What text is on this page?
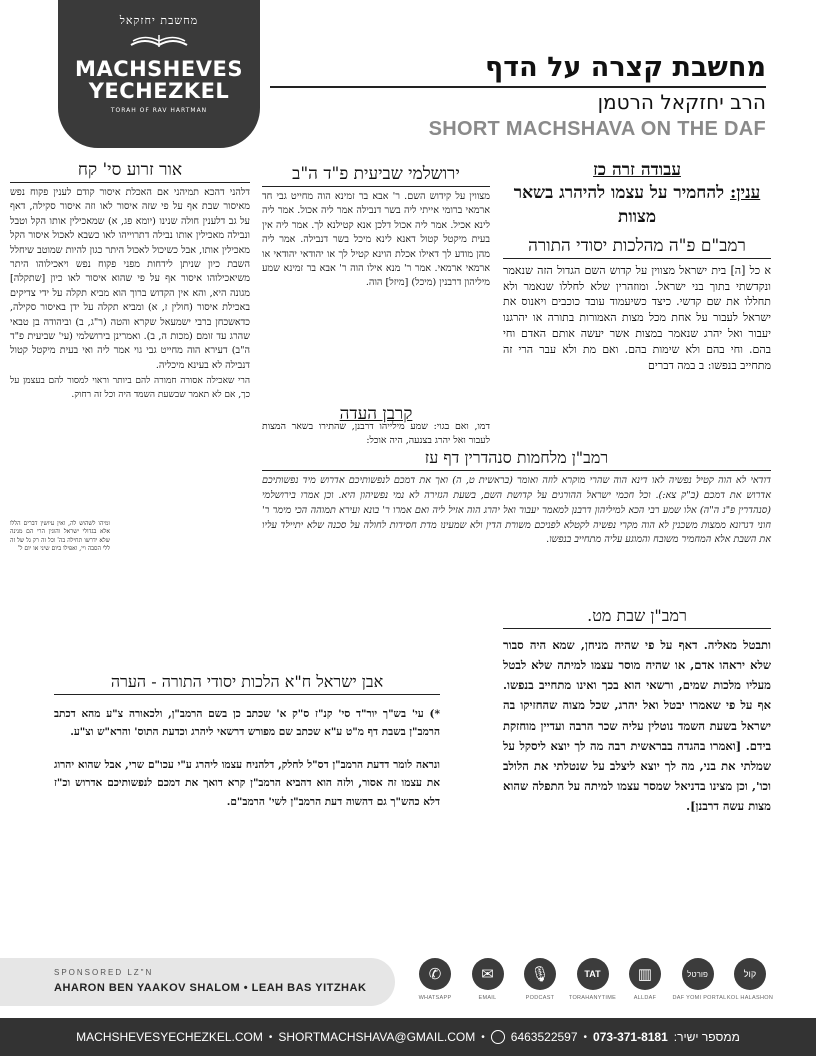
מחשבת יחזקאל
MACHSHEVES
YECHEZKEL
TORAH OF RAV HARTMAN
מחשבת קצרה על הדף
הרב יחזקאל הרטמן
SHORT MACHSHAVA ON THE DAF
עבודה זרה כז
ענין: להחמיר על עצמו להיהרג בשאר מצוות
רמב"ם פ"ה מהלכות יסודי התורה
א כל [ה] בית ישראל מצווין על קדוש השם הגדול הזה שנאמר ונקדשתי בתוך בני ישראל. ומוזהרין שלא לחללו שנאמר ולא תחללו את שם קדשי. כיצד כשיעמוד עובד כוכבים ויאנוס את ישראל לעבור על אחת מכל מצות האמורות בתורה או יהרגנו יעבור ואל יהרג שנאמר במצות אשר יעשה אותם האדם וחי בהם. וחי בהם ולא שימות בהם. ואם מת ולא עבר הרי זה מתחייב בנפשו: ב במה דברים
ירושלמי שביעית פ"ד ה"ב
מצווין על קידוש השם. ר' אבא בר זמינא הוה מחייט גבי חד ארמאי ברומי אייתי ליה בשר דנבילה אמר ליה אכול. אמר ליה לינא אכיל. אמר ליה אכול דלכן אנא קטילנא לך. אמר ליה אין בעית מיקטל קטול דאנא לינא מיכל בשר דנבילה. אמר ליה מהן מודע לך דאילו אכלת הוינא קטיל לך או יהודאי יהודאי או ארמאי ארמאי. אמר ר' מנא אילו הוה ר' אבא בר זמינא שמע מיליהון דרבנין (מיכל) [מיזל] הוה.
קרבן העדה
אור זרוע סי' קח
דלהני דהכא תמיהני אם האכלת איסור קודם לענין פקוח נפש מאיסור שבת אף על פי שזה איסור לאו וזה איסור סקילה, דאף על גב דלענין חולה שנינו (יומא פג, א) שמאכילין אותו הקל וטבל ונבילה מאכילין אותו נבילה דתרוייהו לאו כשבא לאכול איסור הקל מאכילין אותו, אבל כשיכול לאכול היתר כגון להיות שמוטב שיחלל השבת כיון שניתן לידחות מפני פקוח נפש ויאכילוהו היתר משיאכילוהו איסור אף על פי שהוא איסור לאו כיון [שתקלה] מגונה היא, והא אין הקדוש ברוך הוא מביא תקלה על ידי צדיקים באכילת איסור (חולין ז, א) ומביא תקלה על ידן באיסור סקילה, כדאשכחן ברבי ישמעאל שקרא והטה (ר"ג, ב) וביהודה בן טבאי שהרג עד זומם (מכות ה, ב). ואמרינן בירושלמי (עי' שביעית פ"ד ה"ב) דעירא הוה מחייט גבי גוי אמר ליה ואי בעית מיקטל קטול דנבילה לא בעינא מיכליה.
הרי שאכילה אסורה חמורה להם ביותר וראוי למסור להם בעצמן על כך, אם לא תאמר שבשעת השמד היה וכל זה רחוק.
רמב"ן מלחמות סנהדרין דף עז
דודאי לא הוה קטיל נפשיה לאו דינא הוה שהרי מוקרא לוזה ואומר (בראשית ט, ה) ואך את דמכם לנפשותיכם אדרוש מיד נפשותיכם אדרוש את דמכם (ב"ק צא:). וכל חכמי ישראל ההורגים על קדושת השם, בשעת הגזירה לא נמי נפשיהון היא. וכן אמרו בירושלמי (סנהדרין פ"ג ה"ה) אלו שמע רבי הכא למיליהון דרבנן למאמר יעבור ואל יהרג הוה אזיל ליה ואם אמרו ר' בונא ועירא תמוהה הכי מימר ר' חוני דגרונא ממצות משכנין לא הוה מקרי נפשיה לקטלא לפניכם משורת הדין ולא שמעינו מדת חסידות לחולה על סכנה שלא יתיילד עליו את השבת אלא המחמיר משובח והמוגע עליה מתחייב בנפשו.
רמב"ן שבת מט.
ותבטל מאליה. דאף על פי שהיה מניחן, שמא היה סבור שלא יראהו אדם, או שהיה מוסר עצמו למיתה שלא לבטל מעליו מלכות שמים, ורשאי הוא בכך ואינו מתחייב בנפשו. אף על פי שאמרו יבטל ואל יהרג, שכל מצוה שהחזיקו בה ישראל בשעת השמד נוטלין עליה שכר הרבה ועדיין מוחזקת בידם. [ואמרו בהגדה בבראשית רבה מה לך יוצא ליסקל על שמלתי את בני, מה לך יוצא ליצלב על שנטלתי את הלולב וכו', וכן מצינו בדניאל שמסר עצמו למיתה על התפלה שהוא מצות עשה דרבנן].
אבן ישראל ח"א הלכות יסודי התורה - הערה
*) עי' בש"ך יור"ד סי' קנ"ז ס"ק א' שכתב כן בשם הרמב"ן, ולכאורה צ"ע מהא דכתב הרמב"ן בשבת דף מ"ט ע"א שכתב שם מפורש דרשאי ליהרג וכדעת התוס' והרא"ש וצ"ע.
ונראה לומר דדעת הרמב"ן דס"ל לחלק, דלהניח עצמו ליהרג ע"י עכו"ם שרי, אבל שהוא יהרוג את עצמו זה אסור, ולזה הוא דהביא הרמב"ן קרא דואך את דמכם לנפשותיכם אדרוש וכ"ז דלא כהש"ך גם דהשוה דעת הרמב"ן לשי' הרמב"ם.
SPONSORED LZ"N
AHARON BEN YAAKOV SHALOM • LEAH BAS YITZHAK
✆
WHATSAPP
✉
EMAIL
🎙
PODCAST
TAT
TORAHANYTIME
▥
ALLDAF
פורטל
DAF YOMI PORTAL
קול
KOL HALASHON
MACHSHEVESYECHEZKEL.COM • SHORTMACHSHAVA@GMAIL.COM • 6463522597 • 073-371-8181 ממספר ישיר:
דמו, ואם בגוי: שמע מילייהו דרבנן, שהתירו בשאר המצות לעבור ואל יהרג בצנעה, היה אוכל:
ומיהו לשהוש לה, ואין עיושין דברים הללו אלא בגדולי ישראל והוגין הרי הם מנינה שלא ידרשו תחילה בה' וכל זה רק גל של זה ללי הסבה ויי, ואפילו ביום שיני או יום ל'
